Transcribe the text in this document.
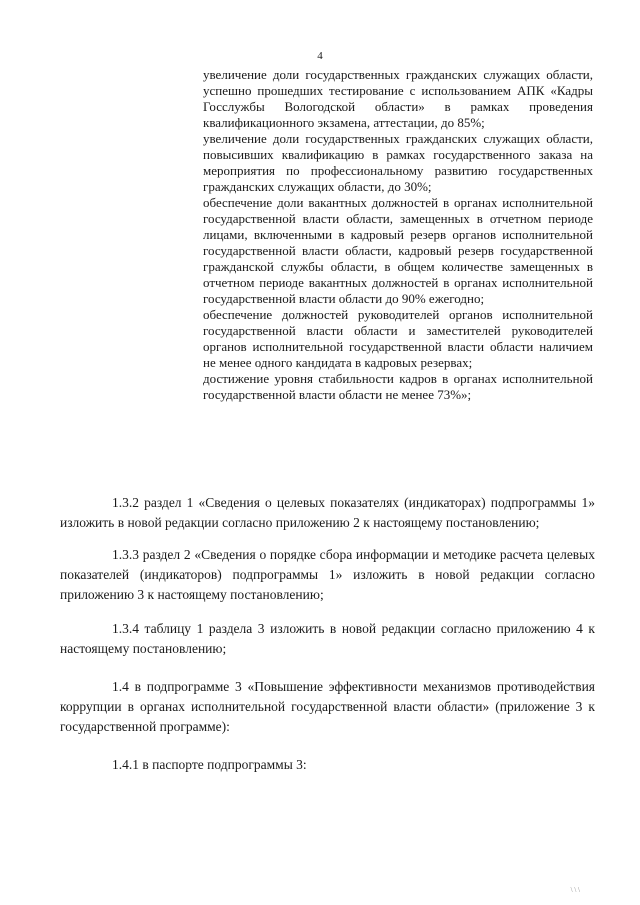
4

увеличение доли государственных гражданских служащих области, успешно прошедших тестирование с использованием АПК «Кадры Госслужбы Вологодской области» в рамках проведения квалификационного экзамена, аттестации, до 85%;

увеличение доли государственных гражданских служащих области, повысивших квалификацию в рамках государственного заказа на мероприятия по профессиональному развитию государственных гражданских служащих области, до 30%;

обеспечение доли вакантных должностей в органах исполнительной государственной власти области, замещенных в отчетном периоде лицами, включенными в кадровый резерв органов исполнительной государственной власти области, кадровый резерв государственной гражданской службы области, в общем количестве замещенных в отчетном периоде вакантных должностей в органах исполнительной государственной власти области до 90% ежегодно;

обеспечение должностей руководителей органов исполнительной государственной власти области и заместителей руководителей органов исполнительной государственной власти области наличием не менее одного кандидата в кадровых резервах;

достижение уровня стабильности кадров в органах исполнительной государственной власти области не менее 73%»;

1.3.2 раздел 1 «Сведения о целевых показателях (индикаторах) подпрограммы 1» изложить в новой редакции согласно приложению 2 к настоящему постановлению;

1.3.3 раздел 2 «Сведения о порядке сбора информации и методике расчета целевых показателей (индикаторов) подпрограммы 1» изложить в новой редакции согласно приложению 3 к настоящему постановлению;

1.3.4 таблицу 1 раздела 3 изложить в новой редакции согласно приложению 4 к настоящему постановлению;

1.4 в подпрограмме 3 «Повышение эффективности механизмов противодействия коррупции в органах исполнительной государственной власти области» (приложение 3 к государственной программе):

1.4.1 в паспорте подпрограммы 3:

\ \ \
